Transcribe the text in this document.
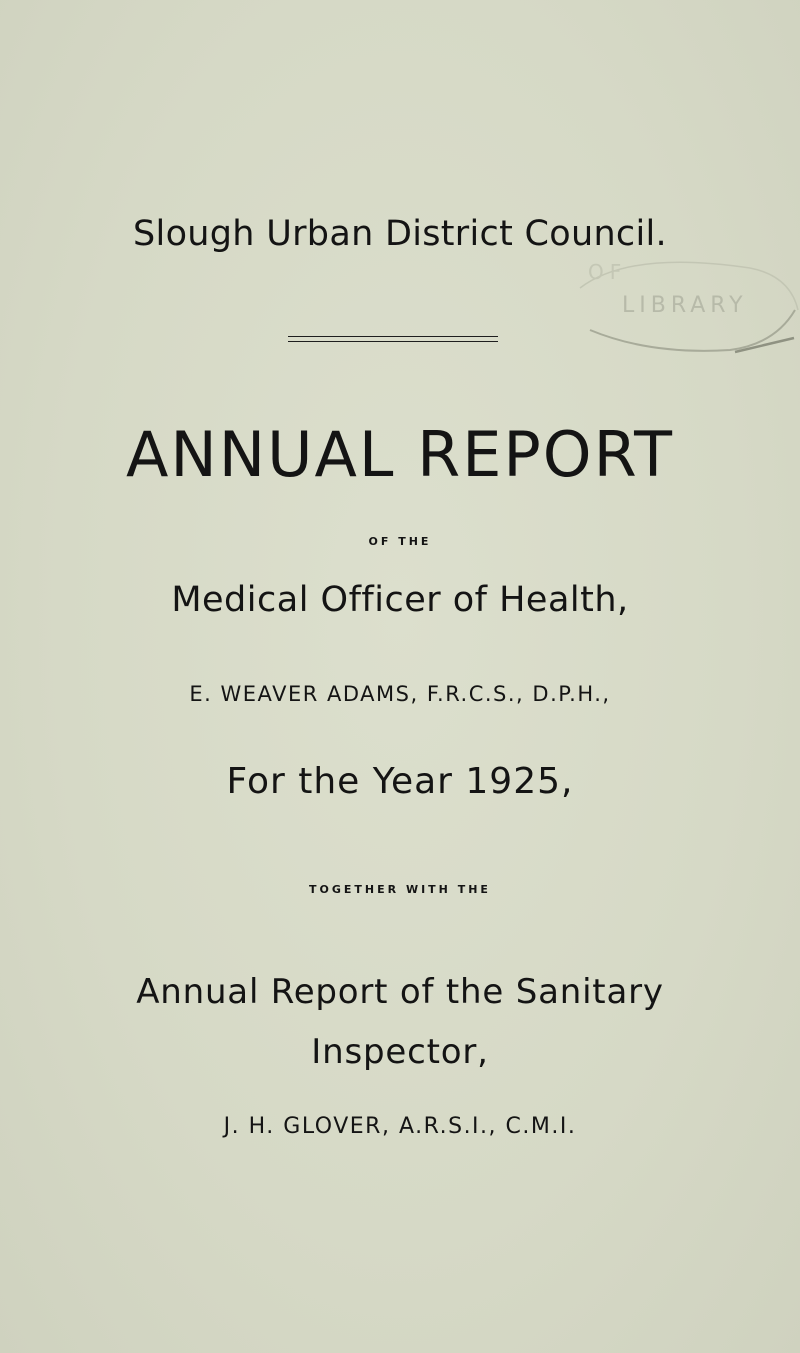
Slough Urban District Council.
OF
LIBRARY
ANNUAL REPORT
OF THE
Medical Officer of Health,
E. WEAVER ADAMS, F.R.C.S., D.P.H.,
For the Year 1925,
TOGETHER WITH THE
Annual Report of the Sanitary
Inspector,
J. H. GLOVER, A.R.S.I., C.M.I.
